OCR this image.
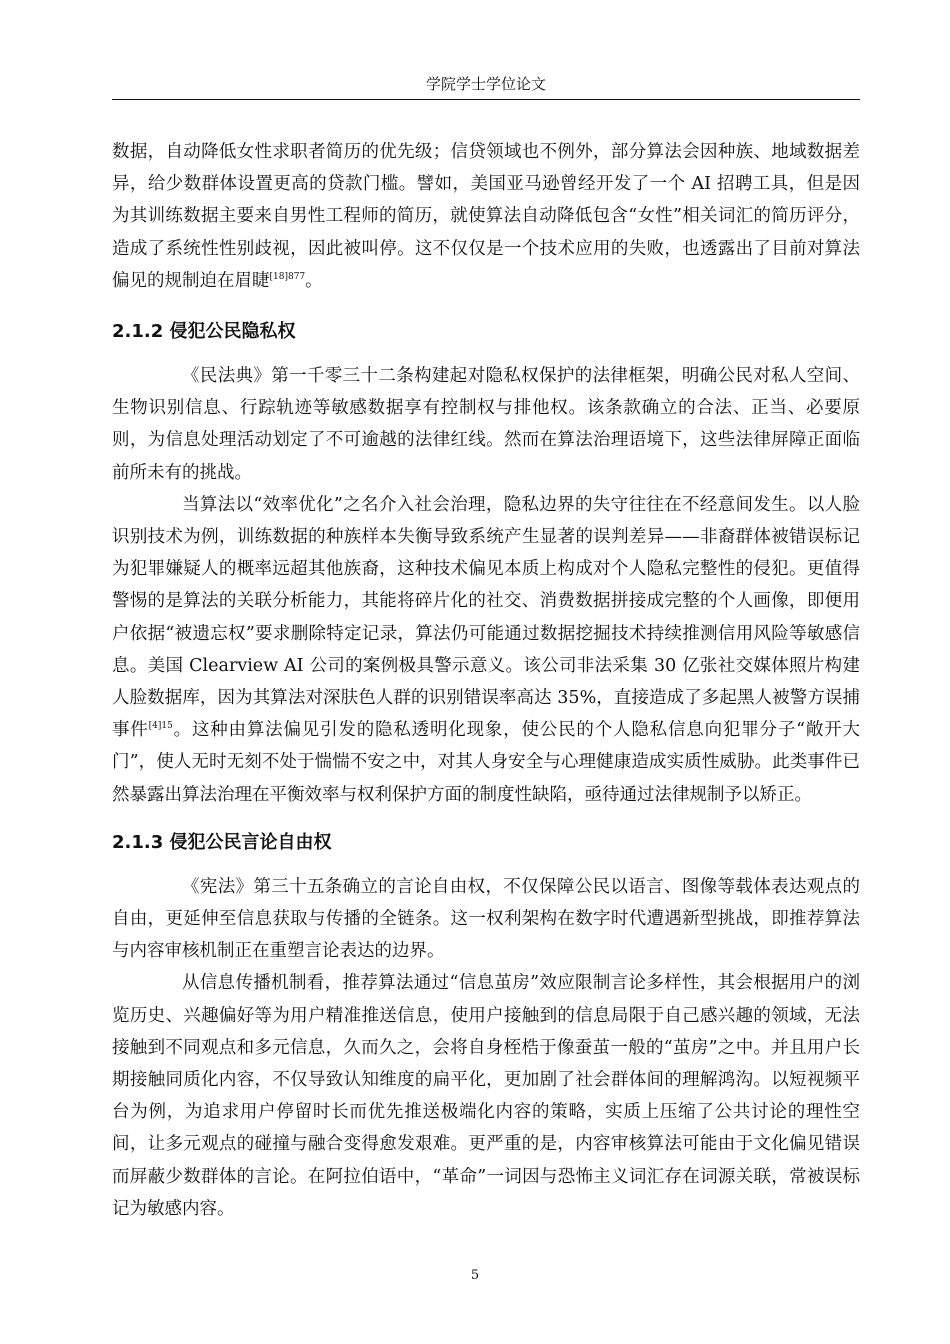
学院学士学位论文

数据，自动降低女性求职者简历的优先级；信贷领域也不例外，部分算法会因种族、地域数据差异，给少数群体设置更高的贷款门槛。譬如，美国亚马逊曾经开发了一个 AI 招聘工具，但是因为其训练数据主要来自男性工程师的简历，就使算法自动降低包含“女性”相关词汇的简历评分，造成了系统性性别歧视，因此被叫停。这不仅仅是一个技术应用的失败，也透露出了目前对算法偏见的规制迫在眉睫$^{[18]877}$。

2.1.2 侵犯公民隐私权

《民法典》第一千零三十二条构建起对隐私权保护的法律框架，明确公民对私人空间、生物识别信息、行踪轨迹等敏感数据享有控制权与排他权。该条款确立的合法、正当、必要原则，为信息处理活动划定了不可逾越的法律红线。然而在算法治理语境下，这些法律屏障正面临前所未有的挑战。

当算法以“效率优化”之名介入社会治理，隐私边界的失守往往在不经意间发生。以人脸识别技术为例，训练数据的种族样本失衡导致系统产生显著的误判差异——非裔群体被错误标记为犯罪嫌疑人的概率远超其他族裔，这种技术偏见本质上构成对个人隐私完整性的侵犯。更值得警惕的是算法的关联分析能力，其能将碎片化的社交、消费数据拼接成完整的个人画像，即便用户依据“被遗忘权”要求删除特定记录，算法仍可能通过数据挖掘技术持续推测信用风险等敏感信息。美国 Clearview AI 公司的案例极具警示意义。该公司非法采集 30 亿张社交媒体照片构建人脸数据库，因为其算法对深肤色人群的识别错误率高达 35%，直接造成了多起黑人被警方误捕事件$^{[4]15}$。这种由算法偏见引发的隐私透明化现象，使公民的个人隐私信息向犯罪分子“敞开大门”，使人无时无刻不处于惴惴不安之中，对其人身安全与心理健康造成实质性威胁。此类事件已然暴露出算法治理在平衡效率与权利保护方面的制度性缺陷，亟待通过法律规制予以矫正。

2.1.3 侵犯公民言论自由权

《宪法》第三十五条确立的言论自由权，不仅保障公民以语言、图像等载体表达观点的自由，更延伸至信息获取与传播的全链条。这一权利架构在数字时代遭遇新型挑战，即推荐算法与内容审核机制正在重塑言论表达的边界。

从信息传播机制看，推荐算法通过“信息茧房”效应限制言论多样性，其会根据用户的浏览历史、兴趣偏好等为用户精准推送信息，使用户接触到的信息局限于自己感兴趣的领域，无法接触到不同观点和多元信息，久而久之，会将自身桎梏于像蚕茧一般的“茧房”之中。并且用户长期接触同质化内容，不仅导致认知维度的扁平化，更加剧了社会群体间的理解鸿沟。以短视频平台为例，为追求用户停留时长而优先推送极端化内容的策略，实质上压缩了公共讨论的理性空间，让多元观点的碰撞与融合变得愈发艰难。更严重的是，内容审核算法可能由于文化偏见错误而屏蔽少数群体的言论。在阿拉伯语中，“革命”一词因与恐怖主义词汇存在词源关联，常被误标记为敏感内容。

5
